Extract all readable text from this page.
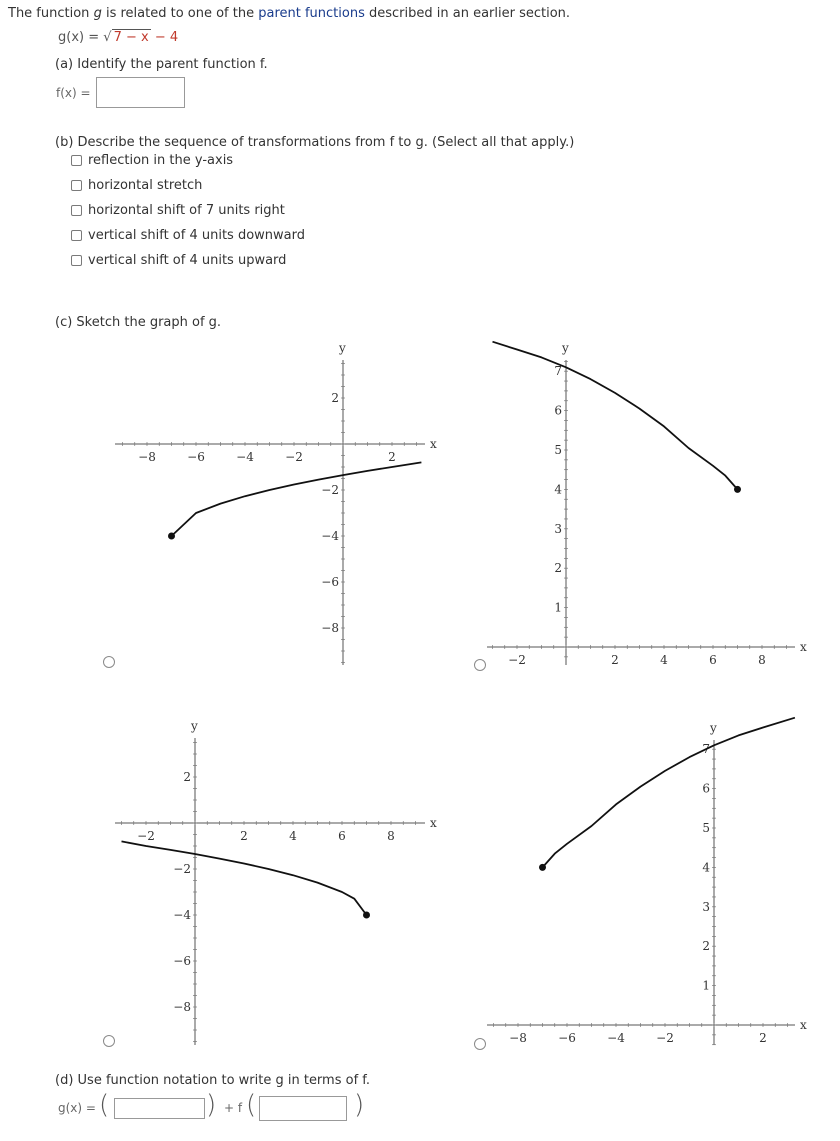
The function g is related to one of the parent functions described in an earlier section.
g(x) = √ 7 − x − 4
(a) Identify the parent function f.
f(x) =
(b) Describe the sequence of transformations from f to g. (Select all that apply.)
reflection in the y-axis
horizontal stretch
horizontal shift of 7 units right
vertical shift of 4 units downward
vertical shift of 4 units upward
(c) Sketch the graph of g.
x
y
−8	−6	−4	−2	2
2
−2
−4
−6
−8
x
y
−2	2	4	6	8
1
2
3
4
5
6
7
x
y
−2	2	4	6	8
2
−2
−4
−6
−8
x
y
−8	−6	−4	−2	2
1
2
3
4
5
6
7
(d) Use function notation to write g in terms of f.
g(x) = (	) + f (	)
